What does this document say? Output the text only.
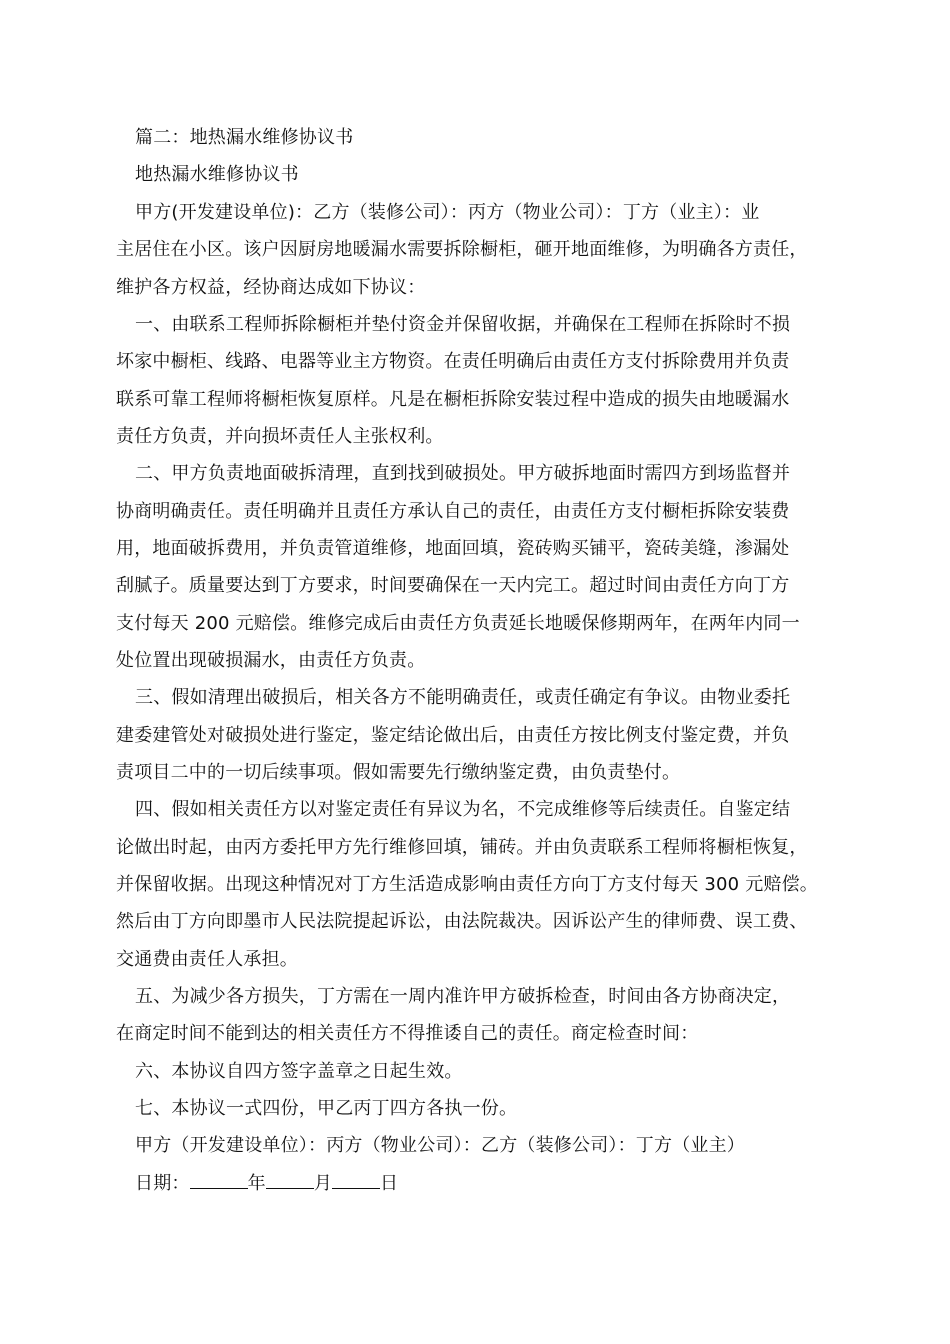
篇二：地热漏水维修协议书
地热漏水维修协议书
甲方(开发建设单位)：乙方（装修公司）：丙方（物业公司）：丁方（业主）：业
主居住在小区。该户因厨房地暖漏水需要拆除橱柜，砸开地面维修，为明确各方责任，
维护各方权益，经协商达成如下协议：
一、由联系工程师拆除橱柜并垫付资金并保留收据，并确保在工程师在拆除时不损
坏家中橱柜、线路、电器等业主方物资。在责任明确后由责任方支付拆除费用并负责
联系可靠工程师将橱柜恢复原样。凡是在橱柜拆除安装过程中造成的损失由地暖漏水
责任方负责，并向损坏责任人主张权利。
二、甲方负责地面破拆清理，直到找到破损处。甲方破拆地面时需四方到场监督并
协商明确责任。责任明确并且责任方承认自己的责任，由责任方支付橱柜拆除安装费
用，地面破拆费用，并负责管道维修，地面回填，瓷砖购买铺平，瓷砖美缝，渗漏处
刮腻子。质量要达到丁方要求，时间要确保在一天内完工。超过时间由责任方向丁方
支付每天 200 元赔偿。维修完成后由责任方负责延长地暖保修期两年，在两年内同一
处位置出现破损漏水，由责任方负责。
三、假如清理出破损后，相关各方不能明确责任，或责任确定有争议。由物业委托
建委建管处对破损处进行鉴定，鉴定结论做出后，由责任方按比例支付鉴定费，并负
责项目二中的一切后续事项。假如需要先行缴纳鉴定费，由负责垫付。
四、假如相关责任方以对鉴定责任有异议为名，不完成维修等后续责任。自鉴定结
论做出时起，由丙方委托甲方先行维修回填，铺砖。并由负责联系工程师将橱柜恢复，
并保留收据。出现这种情况对丁方生活造成影响由责任方向丁方支付每天 300 元赔偿。
然后由丁方向即墨市人民法院提起诉讼，由法院裁决。因诉讼产生的律师费、误工费、
交通费由责任人承担。
五、为减少各方损失，丁方需在一周内准许甲方破拆检查，时间由各方协商决定，
在商定时间不能到达的相关责任方不得推诿自己的责任。商定检查时间：
六、本协议自四方签字盖章之日起生效。
七、本协议一式四份，甲乙丙丁四方各执一份。
甲方（开发建设单位）：丙方（物业公司）：乙方（装修公司）：丁方（业主）
日期：	年	月	日
